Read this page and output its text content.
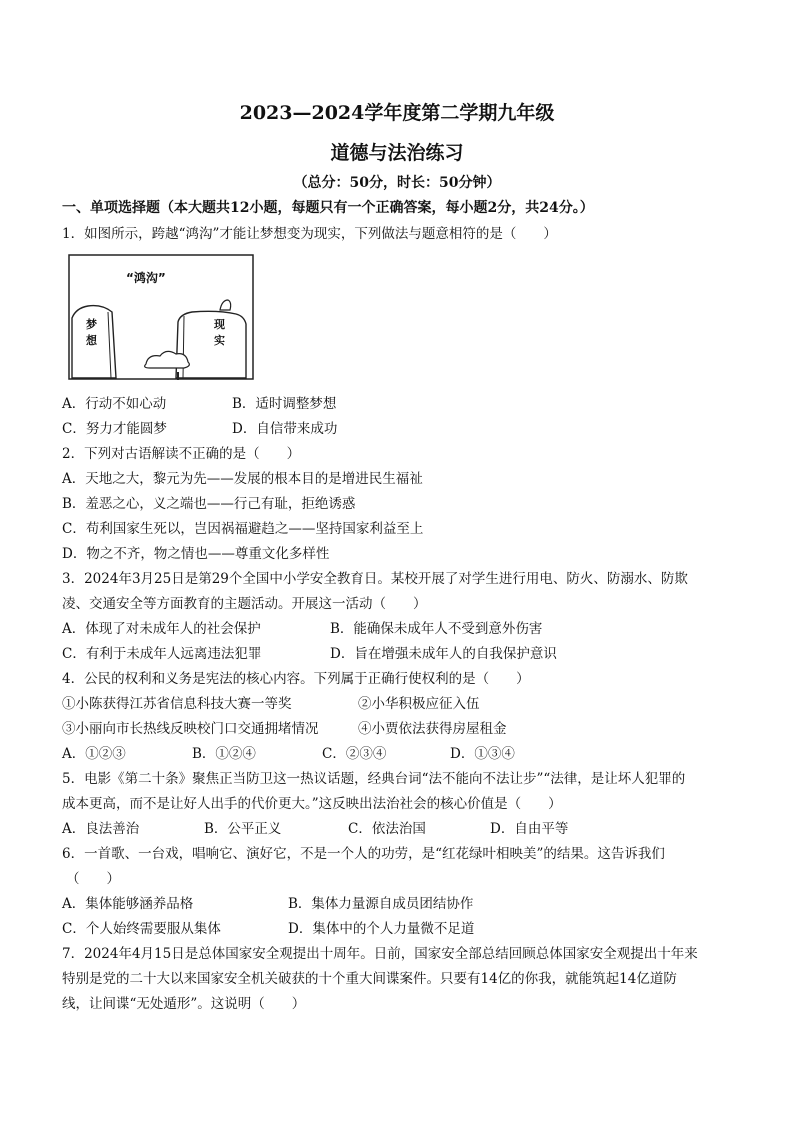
2023—2024学年度第二学期九年级
道德与法治练习
（总分：50分，时长：50分钟）
一、单项选择题（本大题共12小题，每题只有一个正确答案，每小题2分，共24分。）
1．如图所示，跨越“鸿沟”才能让梦想变为现实，下列做法与题意相符的是（　　）
“鸿沟”
梦想
现实
A．行动不如心动	B．适时调整梦想
C．努力才能圆梦	D．自信带来成功
2．下列对古语解读不正确的是（　　）
A．天地之大，黎元为先——发展的根本目的是增进民生福祉
B．羞恶之心，义之端也——行己有耻，拒绝诱惑
C．苟利国家生死以，岂因祸福避趋之——坚持国家利益至上
D．物之不齐，物之情也——尊重文化多样性
3．2024年3月25日是第29个全国中小学安全教育日。某校开展了对学生进行用电、防火、防溺水、防欺
凌、交通安全等方面教育的主题活动。开展这一活动（　　）
A．体现了对未成年人的社会保护	B．能确保未成年人不受到意外伤害
C．有利于未成年人远离违法犯罪	D．旨在增强未成年人的自我保护意识
4．公民的权利和义务是宪法的核心内容。下列属于正确行使权利的是（　　）
①小陈获得江苏省信息科技大赛一等奖	②小华积极应征入伍
③小丽向市长热线反映校门口交通拥堵情况	④小贾依法获得房屋租金
A．①②③	B．①②④	C．②③④	D．①③④
5．电影《第二十条》聚焦正当防卫这一热议话题，经典台词“法不能向不法让步”“法律，是让坏人犯罪的
成本更高，而不是让好人出手的代价更大。”这反映出法治社会的核心价值是（　　）
A．良法善治	B．公平正义	C．依法治国	D．自由平等
6．一首歌、一台戏，唱响它、演好它，不是一个人的功劳，是“红花绿叶相映美”的结果。这告诉我们
（　　）
A．集体能够涵养品格	B．集体力量源自成员团结协作
C．个人始终需要服从集体	D．集体中的个人力量微不足道
7．2024年4月15日是总体国家安全观提出十周年。日前，国家安全部总结回顾总体国家安全观提出十年来
特别是党的二十大以来国家安全机关破获的十个重大间谍案件。只要有14亿的你我，就能筑起14亿道防
线，让间谍“无处遁形”。这说明（　　）
